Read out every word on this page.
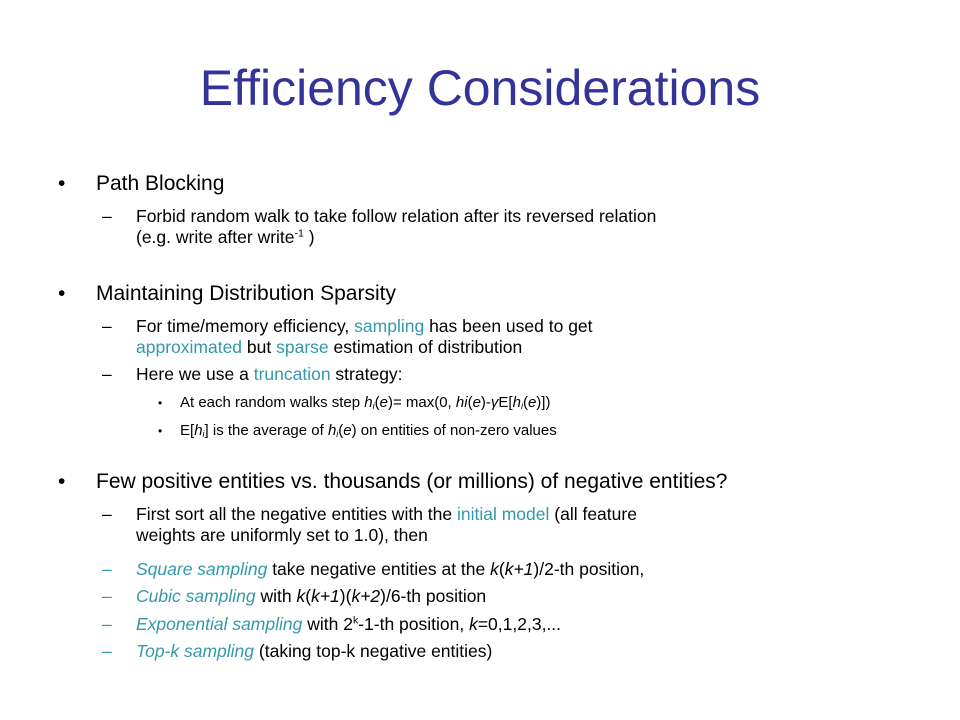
Efficiency Considerations
• Path Blocking
– Forbid random walk to take follow relation after its reversed relation
(e.g. write after write$^{-1}$ )
• Maintaining Distribution Sparsity
– For time/memory efficiency, sampling has been used to get
approximated but sparse estimation of distribution
– Here we use a truncation strategy:
• At each random walks step $h_i(e)= \max(0$, $hi(e)-\gamma E[h_i(e)]$)
• $E[h_i]$ is the average of $h_i(e)$ on entities of non-zero values
• Few positive entities vs. thousands (or millions) of negative entities?
– First sort all the negative entities with the initial model (all feature
weights are uniformly set to 1.0), then
– Square sampling take negative entities at the k(k+1)/2-th position,
– Cubic sampling with k(k+1)(k+2)/6-th position
– Exponential sampling with 2$^k$-1-th position, k=0,1,2,3,...
– Top-k sampling (taking top-k negative entities)
